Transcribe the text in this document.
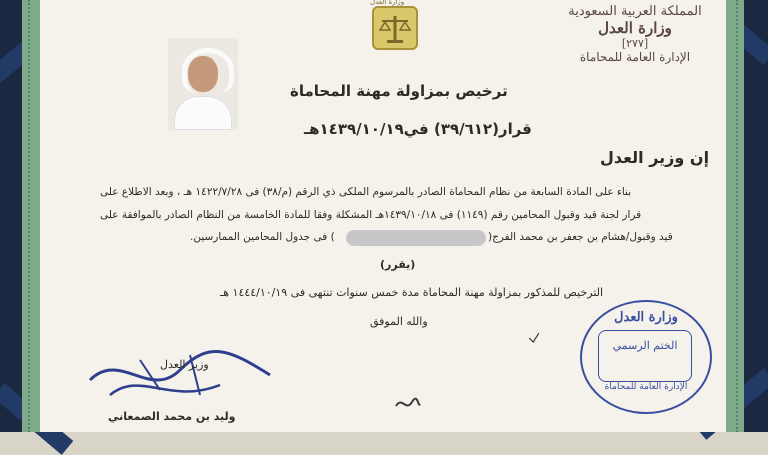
المملكة العربية السعودية
وزارة العدل
[٢٧٧]
الإدارة العامة للمحاماة
وزارة العدل
ترخيص بمزاولة مهنة المحاماة
قرار(٣٩/٦١٢) في١٤٣٩/١٠/١٩هـ
إن وزير العدل
بناء على المادة السابعة من نظام المحاماة الصادر بالمرسوم الملكى ذي الرقم (م/٣٨) فى ١٤٢٢/٧/٢٨ هـ ، وبعد الاطلاع على
قرار لجنة قيد وقبول المحامين رقم (١١٤٩) فى ١٤٣٩/١٠/١٨هـ المشكلة وفقا للمادة الخامسة من النظام الصادر بالموافقة على
قيد وقبول/هشام بن جعفر بن محمد الفرج(
) فى جدول المحامين الممارسين.
(يقرر)
الترخيص للمذكور بمزاولة مهنة المحاماة مدة خمس سنوات تنتهى فى ١٤٤٤/١٠/١٩ هـ
والله الموفق
وزير العدل
وليد بن محمد الصمعاني
وزارة العدل
الختم الرسمي
الإدارة العامة للمحاماة
